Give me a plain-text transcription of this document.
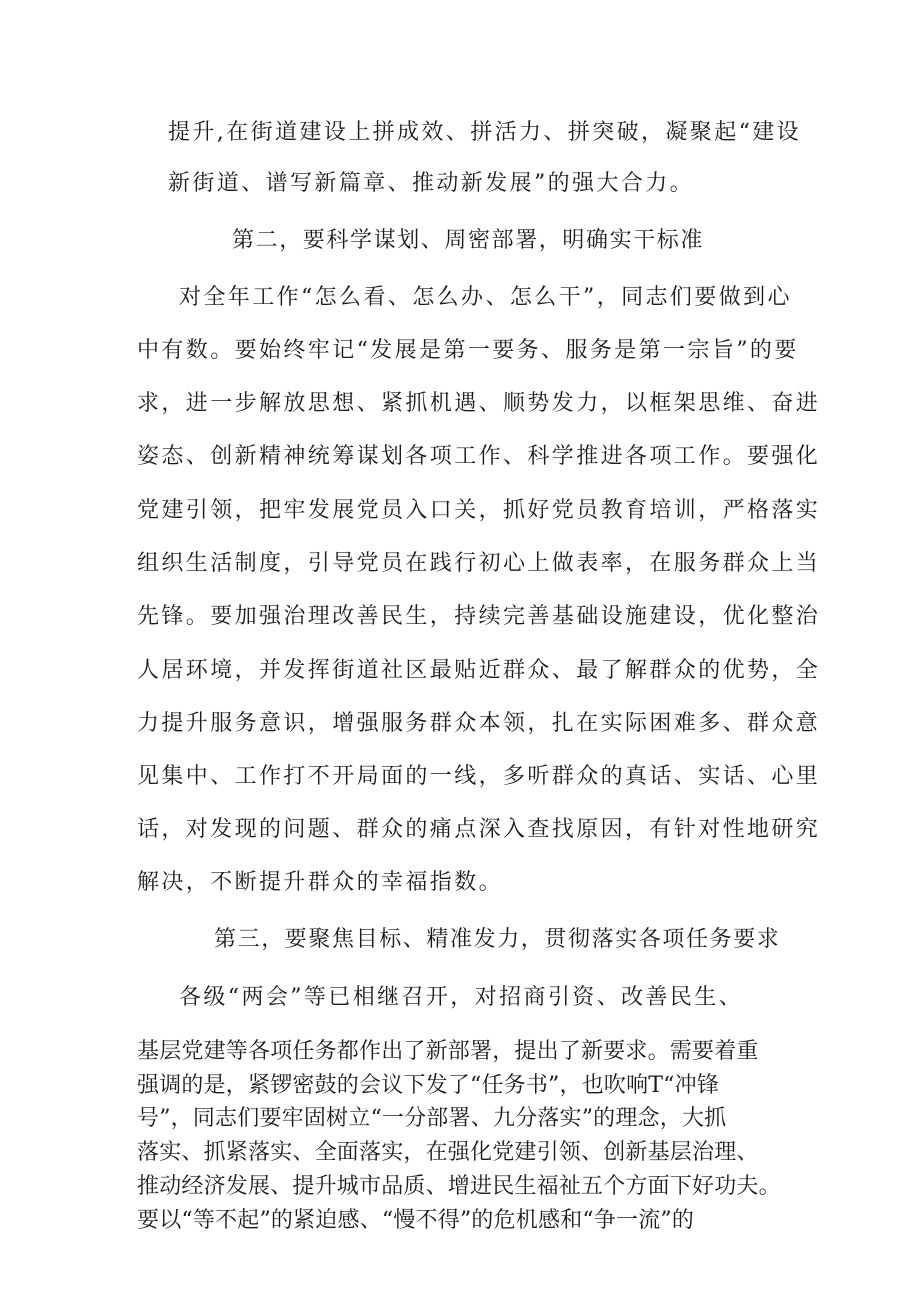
提升,在街道建设上拼成效、拼活力、拼突破，凝聚起“建设
新街道、谱写新篇章、推动新发展”的强大合力。
第二，要科学谋划、周密部署，明确实干标准
对全年工作“怎么看、怎么办、怎么干”，同志们要做到心
中有数。要始终牢记“发展是第一要务、服务是第一宗旨”的要
求，进一步解放思想、紧抓机遇、顺势发力，以框架思维、奋进
姿态、创新精神统筹谋划各项工作、科学推进各项工作。要强化
党建引领，把牢发展党员入口关，抓好党员教育培训，严格落实
组织生活制度，引导党员在践行初心上做表率，在服务群众上当
先锋。要加强治理改善民生，持续完善基础设施建设，优化整治
人居环境，并发挥街道社区最贴近群众、最了解群众的优势，全
力提升服务意识，增强服务群众本领，扎在实际困难多、群众意
见集中、工作打不开局面的一线，多听群众的真话、实话、心里
话，对发现的问题、群众的痛点深入查找原因，有针对性地研究
解决，不断提升群众的幸福指数。
第三，要聚焦目标、精准发力，贯彻落实各项任务要求
各级“两会”等已相继召开，对招商引资、改善民生、
基层党建等各项任务都作出了新部署，提出了新要求。需要着重
强调的是，紧锣密鼓的会议下发了“任务书”，也吹响T“冲锋
号”，同志们要牢固树立“一分部署、九分落实”的理念，大抓
落实、抓紧落实、全面落实，在强化党建引领、创新基层治理、
推动经济发展、提升城市品质、增进民生福祉五个方面下好功夫。
要以“等不起”的紧迫感、“慢不得”的危机感和“争一流”的
